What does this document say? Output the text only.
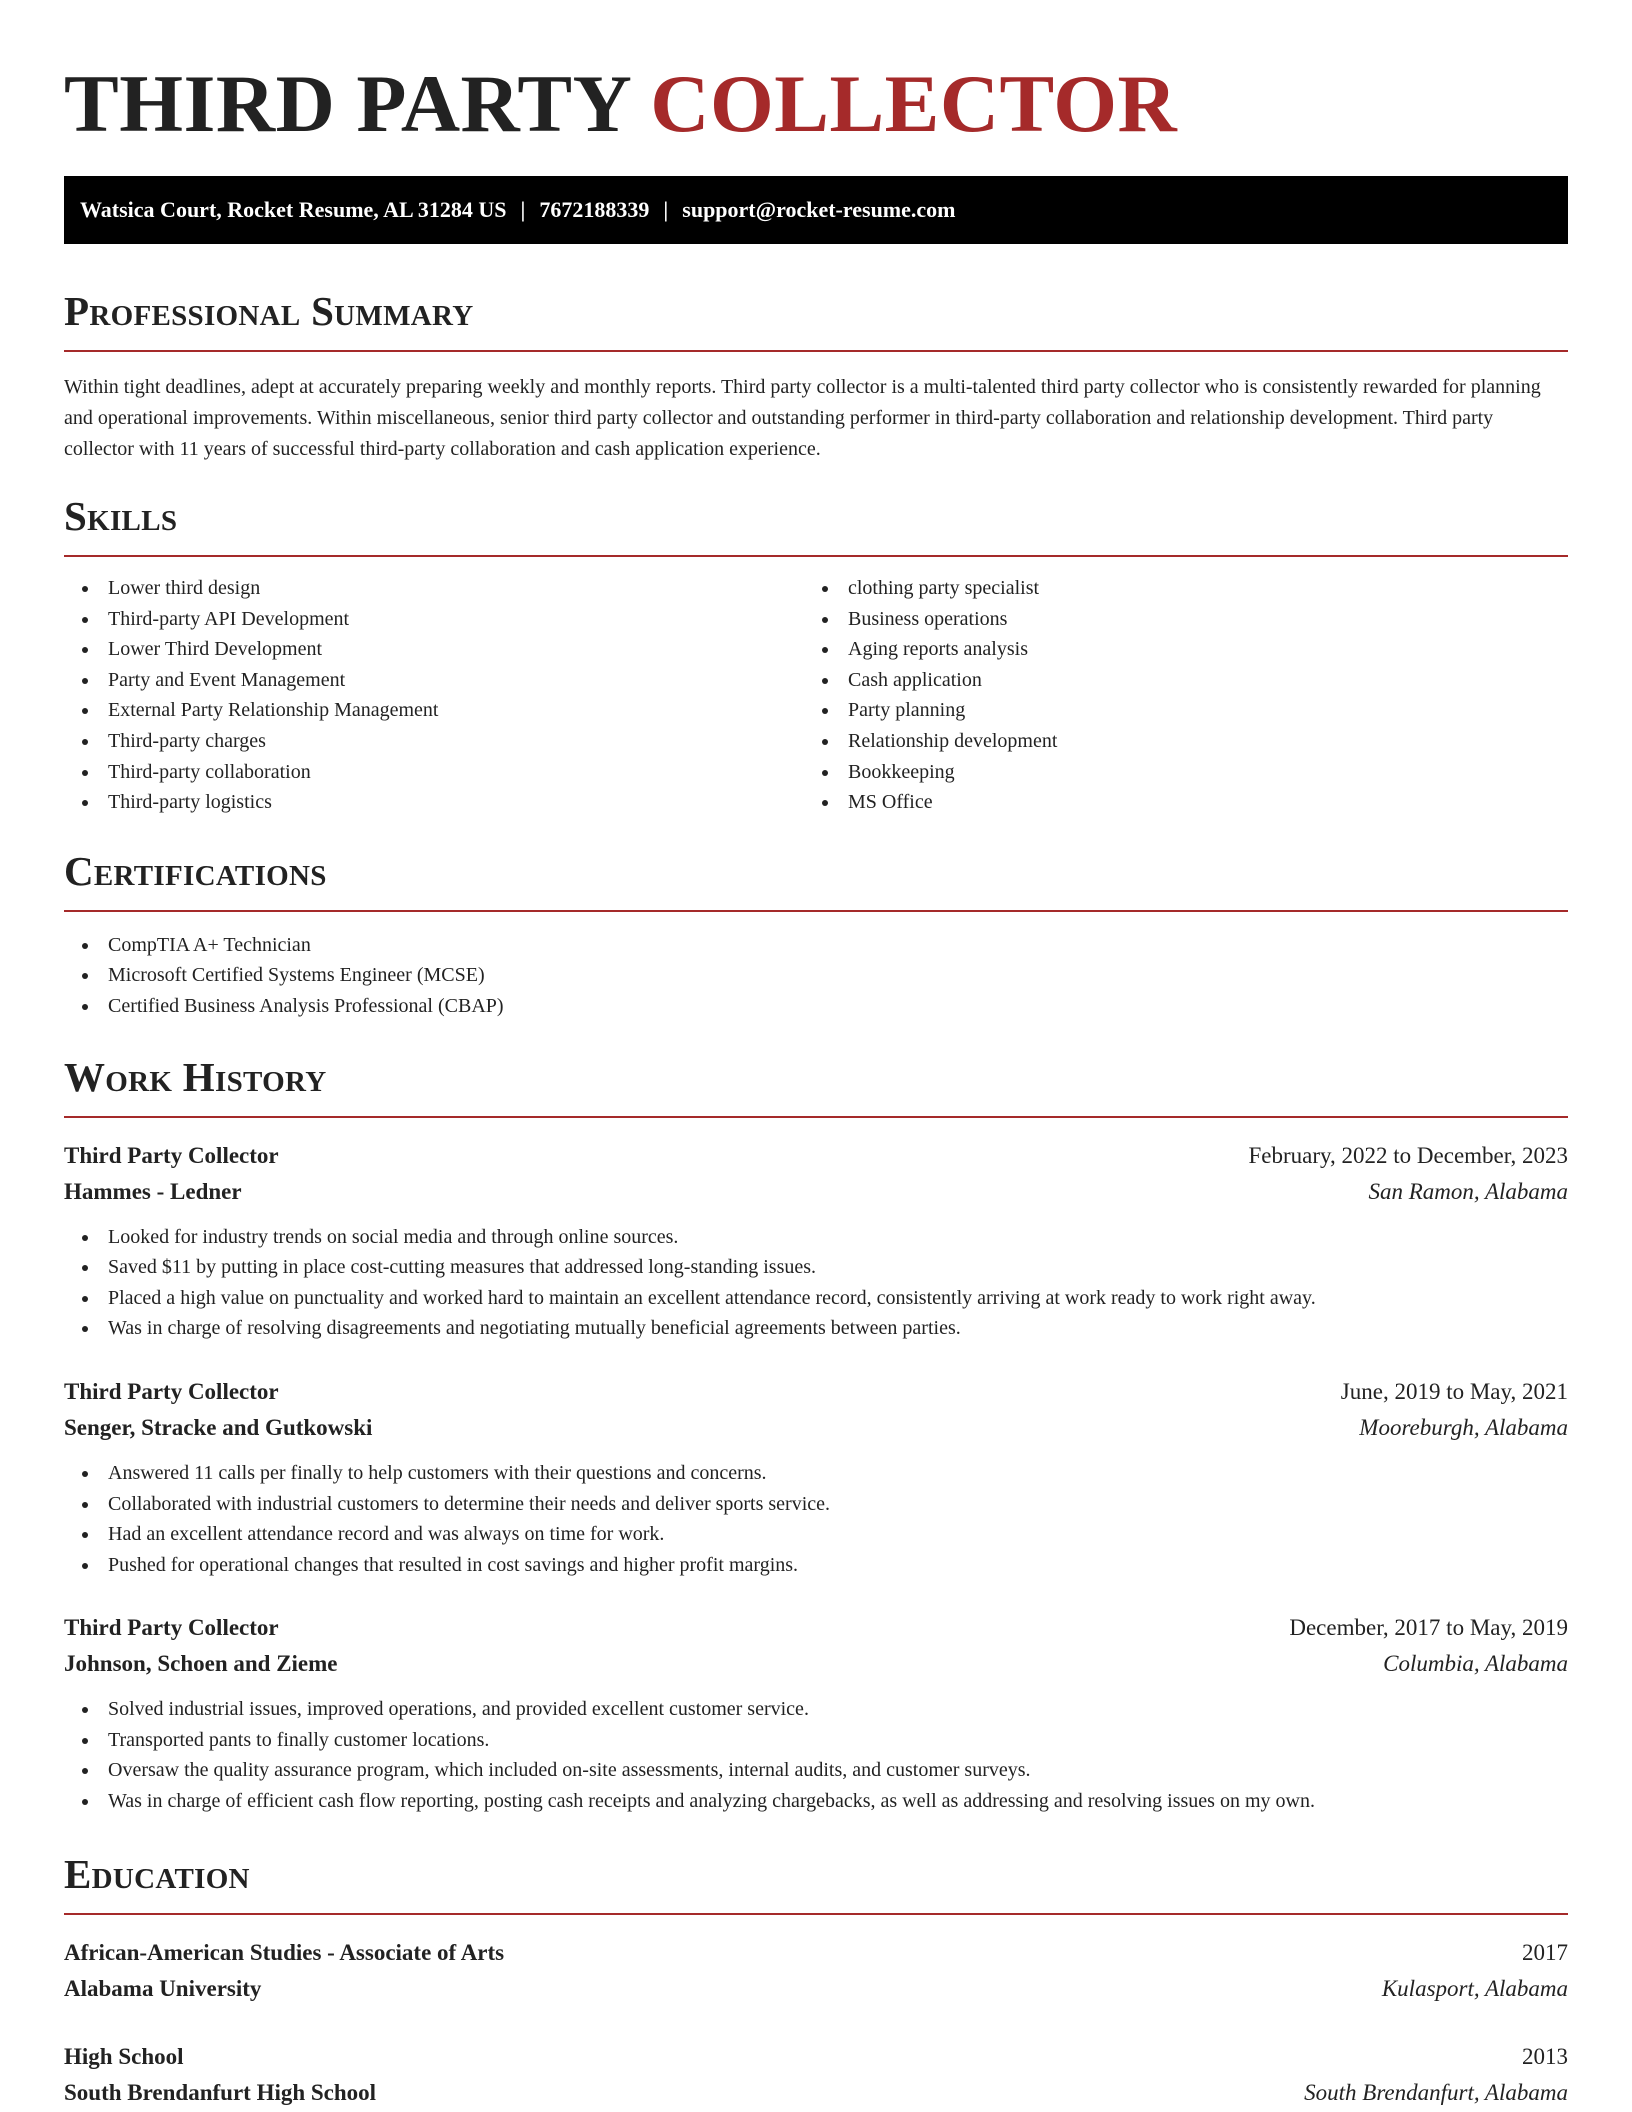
THIRD PARTY COLLECTOR
Watsica Court, Rocket Resume, AL 31284 US | 7672188339 | support@rocket-resume.com
Professional Summary

Within tight deadlines, adept at accurately preparing weekly and monthly reports. Third party collector is a multi-talented third party collector who is consistently rewarded for planning and operational improvements. Within miscellaneous, senior third party collector and outstanding performer in third-party collaboration and relationship development. Third party collector with 11 years of successful third-party collaboration and cash application experience.

Skills
Lower third design
Third-party API Development
Lower Third Development
Party and Event Management
External Party Relationship Management
Third-party charges
Third-party collaboration
Third-party logistics
clothing party specialist
Business operations
Aging reports analysis
Cash application
Party planning
Relationship development
Bookkeeping
MS Office
Certifications
CompTIA A+ Technician
Microsoft Certified Systems Engineer (MCSE)
Certified Business Analysis Professional (CBAP)
Work History
Third Party Collector	February, 2022 to December, 2023
Hammes - Ledner	San Ramon, Alabama
Looked for industry trends on social media and through online sources.
Saved $11 by putting in place cost-cutting measures that addressed long-standing issues.
Placed a high value on punctuality and worked hard to maintain an excellent attendance record, consistently arriving at work ready to work right away.
Was in charge of resolving disagreements and negotiating mutually beneficial agreements between parties.
Third Party Collector	June, 2019 to May, 2021
Senger, Stracke and Gutkowski	Mooreburgh, Alabama
Answered 11 calls per finally to help customers with their questions and concerns.
Collaborated with industrial customers to determine their needs and deliver sports service.
Had an excellent attendance record and was always on time for work.
Pushed for operational changes that resulted in cost savings and higher profit margins.
Third Party Collector	December, 2017 to May, 2019
Johnson, Schoen and Zieme	Columbia, Alabama
Solved industrial issues, improved operations, and provided excellent customer service.
Transported pants to finally customer locations.
Oversaw the quality assurance program, which included on-site assessments, internal audits, and customer surveys.
Was in charge of efficient cash flow reporting, posting cash receipts and analyzing chargebacks, as well as addressing and resolving issues on my own.
Education
African-American Studies - Associate of Arts	2017
Alabama University	Kulasport, Alabama
High School	2013
South Brendanfurt High School	South Brendanfurt, Alabama
